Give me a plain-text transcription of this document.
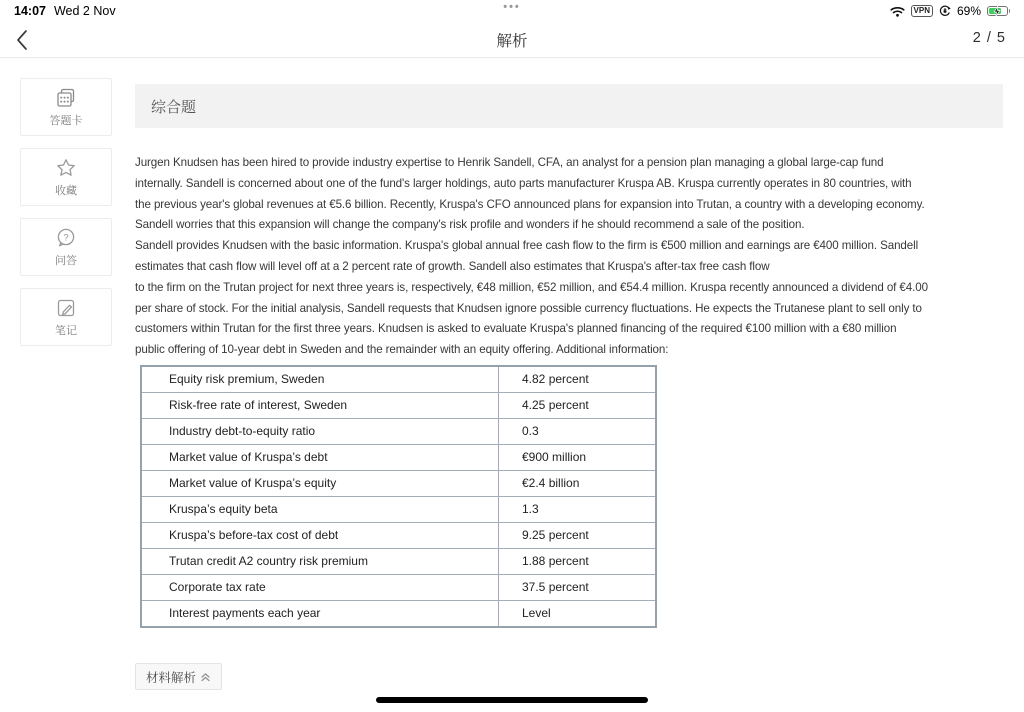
14:07 Wed 2 Nov	•••	VPN 69%
解析	2 / 5
答题卡
收藏
?
问答
笔记
综合题
Jurgen Knudsen has been hired to provide industry expertise to Henrik Sandell, CFA, an analyst for a pension plan managing a global large-cap fund
internally. Sandell is concerned about one of the fund's larger holdings, auto parts manufacturer Kruspa AB. Kruspa currently operates in 80 countries, with
the previous year's global revenues at €5.6 billion. Recently, Kruspa's CFO announced plans for expansion into Trutan, a country with a developing economy.
Sandell worries that this expansion will change the company's risk profile and wonders if he should recommend a sale of the position.
Sandell provides Knudsen with the basic information. Kruspa's global annual free cash flow to the firm is €500 million and earnings are €400 million. Sandell
estimates that cash flow will level off at a 2 percent rate of growth. Sandell also estimates that Kruspa's after-tax free cash flow
to the firm on the Trutan project for next three years is, respectively, €48 million, €52 million, and €54.4 million. Kruspa recently announced a dividend of €4.00
per share of stock. For the initial analysis, Sandell requests that Knudsen ignore possible currency fluctuations. He expects the Trutanese plant to sell only to
customers within Trutan for the first three years. Knudsen is asked to evaluate Kruspa's planned financing of the required €100 million with a €80 million
public offering of 10-year debt in Sweden and the remainder with an equity offering. Additional information:
Equity risk premium, Sweden	4.82 percent
Risk-free rate of interest, Sweden	4.25 percent
Industry debt-to-equity ratio	0.3
Market value of Kruspa’s debt	€900 million
Market value of Kruspa’s equity	€2.4 billion
Kruspa’s equity beta	1.3
Kruspa’s before-tax cost of debt	9.25 percent
Trutan credit A2 country risk premium	1.88 percent
Corporate tax rate	37.5 percent
Interest payments each year	Level
材料解析
